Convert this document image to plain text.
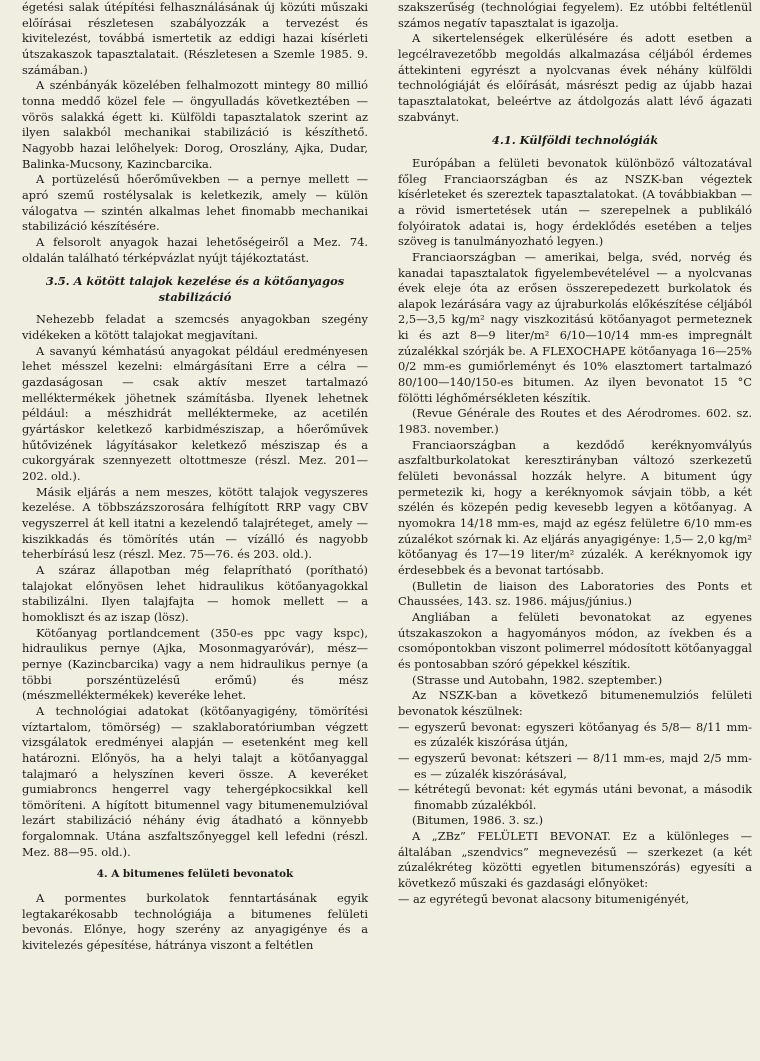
égetési salak útépítési felhasználásának új közúti műszaki előírásai részletesen szabályozzák a tervezést és kivitelezést, továbbá ismertetik az eddigi hazai kísérleti útszakaszok tapasztalatait. (Részletesen a Szemle 1985. 9. számában.)

A szénbányák közelében felhalmozott mintegy 80 millió tonna meddő közel fele — öngyulladás következtében — vörös salakká égett ki. Külföldi tapasztalatok szerint az ilyen salakból mechanikai stabilizáció is készíthető. Nagyobb hazai lelőhelyek: Dorog, Oroszlány, Ajka, Dudar, Balinka-Mucsony, Kazincbarcika.

A portüzelésű hőerőművekben — a pernye mellett — apró szemű rostélysalak is keletkezik, amely — külön válogatva — szintén alkalmas lehet finomabb mechanikai stabilizáció készítésére.

A felsorolt anyagok hazai lehetőségeiről a Mez. 74. oldalán található térképvázlat nyújt tájékoztatást.

3.5. A kötött talajok kezelése és a kötőanyagos stabilizáció

Nehezebb feladat a szemcsés anyagokban szegény vidékeken a kötött talajokat megjavítani.

A savanyú kémhatású anyagokat például eredményesen lehet mésszel kezelni: elmárgásítani Erre a célra — gazdaságosan — csak aktív meszet tartalmazó melléktermékek jöhetnek számításba. Ilyenek lehetnek például: a mészhidrát melléktermeke, az acetilén gyártáskor keletkező karbidmésziszap, a hőerőművek hűtővizének lágyításakor keletkező mésziszap és a cukorgyárak szennyezett oltottmesze (részl. Mez. 201—202. old.).

Másik eljárás a nem meszes, kötött talajok vegyszeres kezelése. A többszázszorosára felhígított RRP vagy CBV vegyszerrel át kell itatni a kezelendő talajréteget, amely — kiszikkadás és tömörítés után — vízálló és nagyobb teherbírású lesz (részl. Mez. 75—76. és 203. old.).

A száraz állapotban még felaprítható (porítható) talajokat előnyösen lehet hidraulikus kötőanyagokkal stabilizálni. Ilyen talajfajta — homok mellett — a homokliszt és az iszap (lösz).

Kötőanyag portlandcement (350-es ppc vagy kspc), hidraulikus pernye (Ajka, Mosonmagyaróvár), mész—pernye (Kazincbarcika) vagy a nem hidraulikus pernye (a többi porszéntüzelésű erőmű) és mész (mészmelléktermékek) keveréke lehet.

A technológiai adatokat (kötőanyagigény, tömörítési víztartalom, tömörség) — szaklaboratóriumban végzett vizsgálatok eredményei alapján — esetenként meg kell határozni. Előnyös, ha a helyi talajt a kötőanyaggal talajmaró a helyszínen keveri össze. A keveréket gumiabroncs hengerrel vagy tehergépkocsikkal kell tömöríteni. A hígított bitumennel vagy bitumenemulzióval lezárt stabilizáció néhány évig átadható a könnyebb forgalomnak. Utána aszfaltszőnyeggel kell lefedni (részl. Mez. 88—95. old.).

4. A bitumenes felületi bevonatok

A pormentes burkolatok fenntartásának egyik legtakarékosabb technológiája a bitumenes felületi bevonás. Előnye, hogy szerény az anyagigénye és a kivitelezés gépesítése, hátránya viszont a feltétlen

szakszerűség (technológiai fegyelem). Ez utóbbi feltétlenül számos negatív tapasztalat is igazolja.

A sikertelenségek elkerülésére és adott esetben a legcélravezetőbb megoldás alkalmazása céljából érdemes áttekinteni egyrészt a nyolcvanas évek néhány külföldi technológiáját és előírását, másrészt pedig az újabb hazai tapasztalatokat, beleértve az átdolgozás alatt lévő ágazati szabványt.

4.1. Külföldi technológiák

Európában a felületi bevonatok különböző változatával főleg Franciaországban és az NSZK-ban végeztek kísérleteket és szereztek tapasztalatokat. (A továbbiakban — a rövid ismertetések után — szerepelnek a publikáló folyóiratok adatai is, hogy érdeklődés esetében a teljes szöveg is tanulmányozható legyen.)

Franciaországban — amerikai, belga, svéd, norvég és kanadai tapasztalatok figyelembevételével — a nyolcvanas évek eleje óta az erősen összerepedezett burkolatok és alapok lezárására vagy az újraburkolás előkészítése céljából 2,5—3,5 kg/m² nagy viszkozitású kötőanyagot permeteznek ki és azt 8—9 liter/m² 6/10—10/14 mm-es impregnált zúzalékkal szórják be. A FLEXOCHAPE kötőanyaga 16—25% 0/2 mm-es gumiőrleményt és 10% elasztomert tartalmazó 80/100—140/150-es bitumen. Az ilyen bevonatot 15 °C fölötti léghőmérsékleten készítik.

(Revue Générale des Routes et des Aérodromes. 602. sz. 1983. november.)

Franciaországban a kezdődő keréknyomvályús aszfaltburkolatokat keresztirányban változó szerkezetű felületi bevonással hozzák helyre. A bitument úgy permetezik ki, hogy a keréknyomok sávjain több, a két szélén és közepén pedig kevesebb legyen a kötőanyag. A nyomokra 14/18 mm-es, majd az egész felületre 6/10 mm-es zúzalékot szórnak ki. Az eljárás anyagigénye: 1,5— 2,0 kg/m² kötőanyag és 17—19 liter/m² zúzalék. A keréknyomok igy érdesebbek és a bevonat tartósabb.

(Bulletin de liaison des Laboratories des Ponts et Chaussées, 143. sz. 1986. május/június.)

Angliában a felületi bevonatokat az egyenes útszakaszokon a hagyományos módon, az ívekben és a csomópontokban viszont polimerrel módosított kötőanyaggal és pontosabban szóró gépekkel készítik.

(Strasse und Autobahn, 1982. szeptember.)

Az NSZK-ban a következő bitumenemulziós felületi bevonatok készülnek:

— egyszerű bevonat: egyszeri kötőanyag és 5/8— 8/11 mm-es zúzalék kiszórása útján,

— egyszerű bevonat: kétszeri — 8/11 mm-es, majd 2/5 mm-es — zúzalék kiszórásával,

— kétrétegű bevonat: két egymás utáni bevonat, a második finomabb zúzalékból.

(Bitumen, 1986. 3. sz.)

A „ZBz” FELÜLETI BEVONAT. Ez a különleges — általában „szendvics” megnevezésű — szerkezet (a két zúzalékréteg közötti egyetlen bitumenszórás) egyesíti a következő műszaki és gazdasági előnyöket:

— az egyrétegű bevonat alacsony bitumenigényét,
